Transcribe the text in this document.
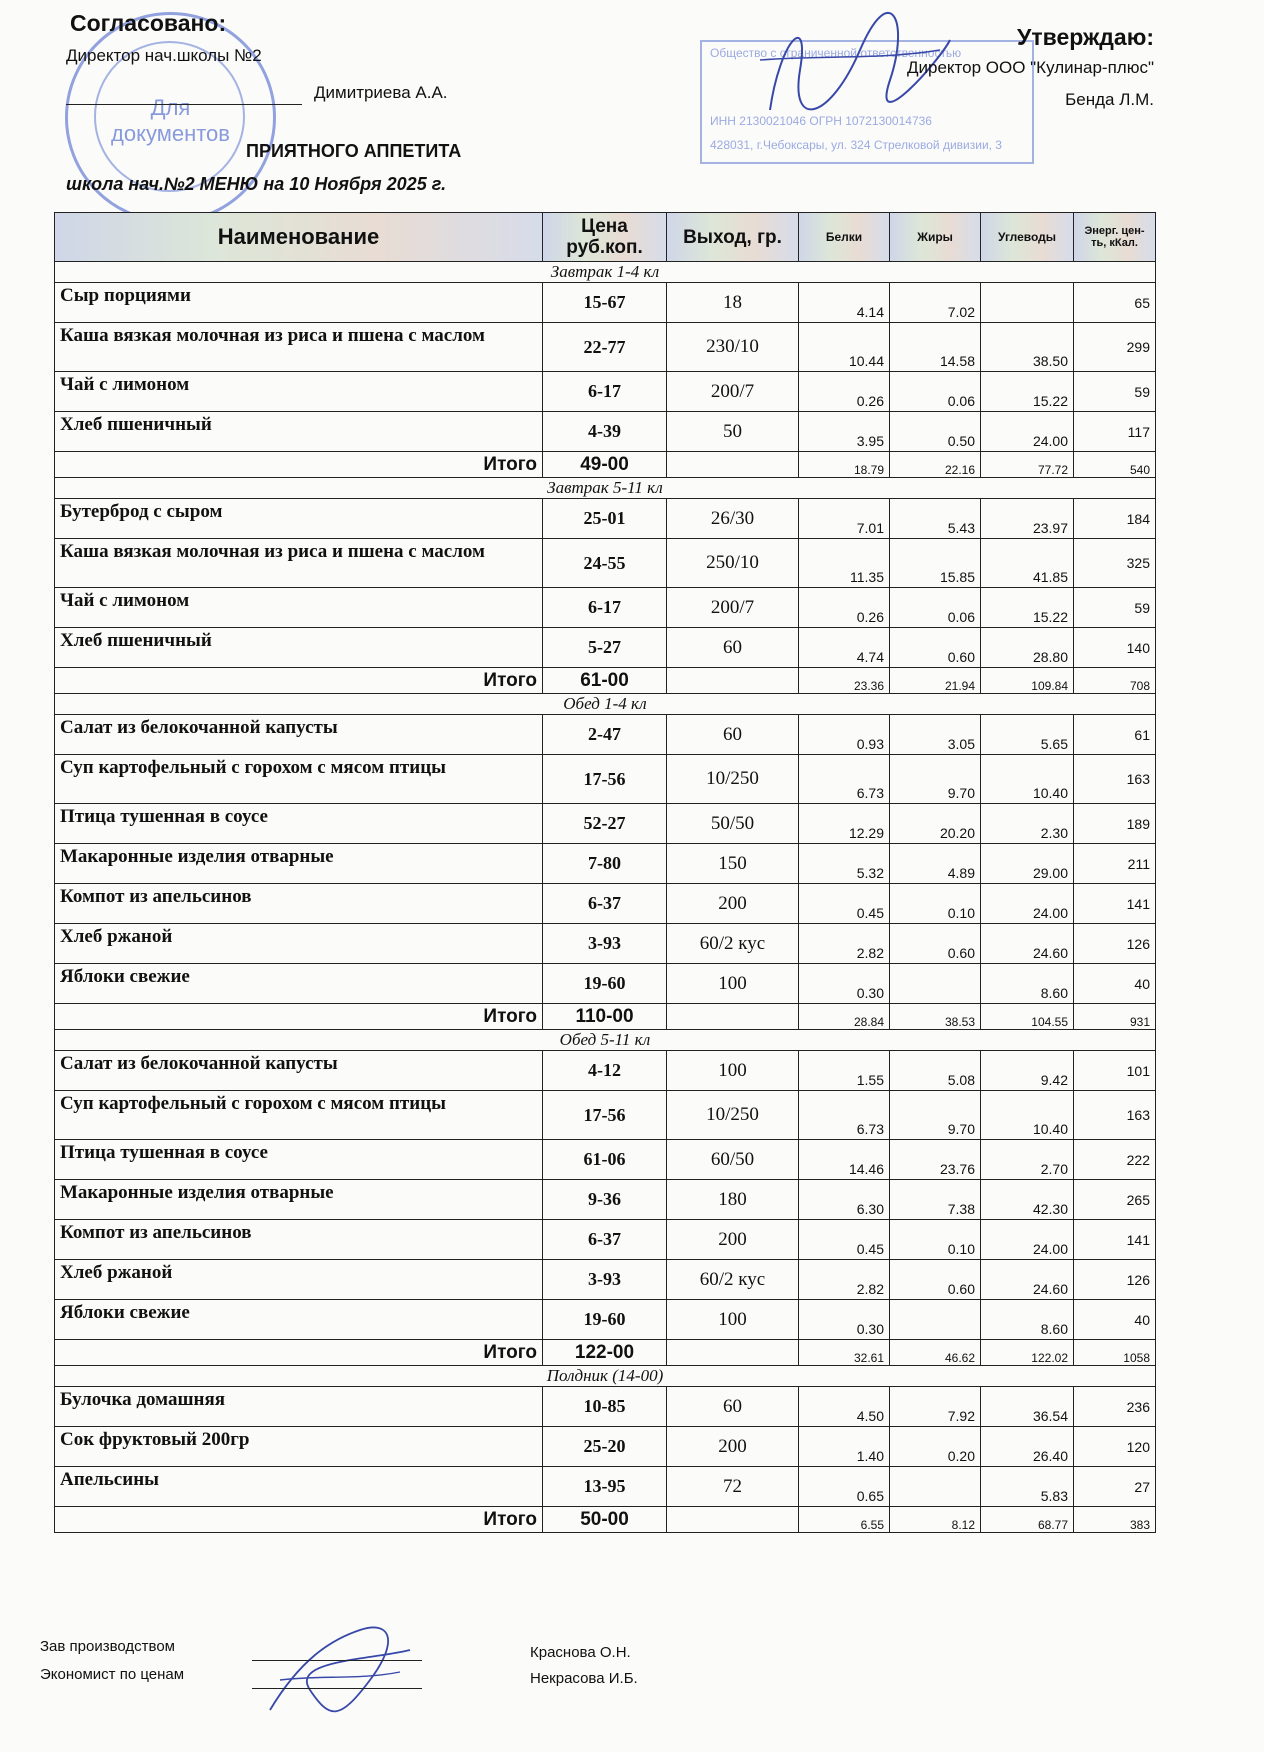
Для
документов
Общество с ограниченной ответственностью
ИНН 2130021046 ОГРН 1072130014736
428031, г.Чебоксары, ул. 324 Стрелковой дивизии, 3
Согласовано:
Директор нач.школы №2
Димитриева А.А.
Утверждаю:
Директор ООО "Кулинар-плюс"
Бенда Л.М.
ПРИЯТНОГО АППЕТИТА
школа нач.№2 МЕНЮ на 10 Ноября 2025 г.
Наименование	Цена руб.коп.	Выход, гр.	Белки	Жиры	Углеводы	Энерг. цен-ть, кКал.
Завтрак 1-4 кл						
Сыр порциями	15-67	18	4.14	7.02		65
Каша вязкая молочная из риса и пшена с маслом	22-77	230/10	10.44	14.58	38.50	299
Чай с лимоном	6-17	200/7	0.26	0.06	15.22	59
Хлеб пшеничный	4-39	50	3.95	0.50	24.00	117
Итого	49-00		18.79	22.16	77.72	540
Завтрак 5-11 кл						
Бутерброд с сыром	25-01	26/30	7.01	5.43	23.97	184
Каша вязкая молочная из риса и пшена с маслом	24-55	250/10	11.35	15.85	41.85	325
Чай с лимоном	6-17	200/7	0.26	0.06	15.22	59
Хлеб пшеничный	5-27	60	4.74	0.60	28.80	140
Итого	61-00		23.36	21.94	109.84	708
Обед 1-4 кл						
Салат из белокочанной капусты	2-47	60	0.93	3.05	5.65	61
Суп картофельный с горохом с мясом птицы	17-56	10/250	6.73	9.70	10.40	163
Птица тушенная в соусе	52-27	50/50	12.29	20.20	2.30	189
Макаронные изделия отварные	7-80	150	5.32	4.89	29.00	211
Компот из апельсинов	6-37	200	0.45	0.10	24.00	141
Хлеб ржаной	3-93	60/2 кус	2.82	0.60	24.60	126
Яблоки свежие	19-60	100	0.30		8.60	40
Итого	110-00		28.84	38.53	104.55	931
Обед 5-11 кл						
Салат из белокочанной капусты	4-12	100	1.55	5.08	9.42	101
Суп картофельный с горохом с мясом птицы	17-56	10/250	6.73	9.70	10.40	163
Птица тушенная в соусе	61-06	60/50	14.46	23.76	2.70	222
Макаронные изделия отварные	9-36	180	6.30	7.38	42.30	265
Компот из апельсинов	6-37	200	0.45	0.10	24.00	141
Хлеб ржаной	3-93	60/2 кус	2.82	0.60	24.60	126
Яблоки свежие	19-60	100	0.30		8.60	40
Итого	122-00		32.61	46.62	122.02	1058
Полдник (14-00)						
Булочка домашняя	10-85	60	4.50	7.92	36.54	236
Сок фруктовый 200гр	25-20	200	1.40	0.20	26.40	120
Апельсины	13-95	72	0.65		5.83	27
Итого	50-00		6.55	8.12	68.77	383
Зав производством
Экономист по ценам
Краснова О.Н.
Некрасова И.Б.
